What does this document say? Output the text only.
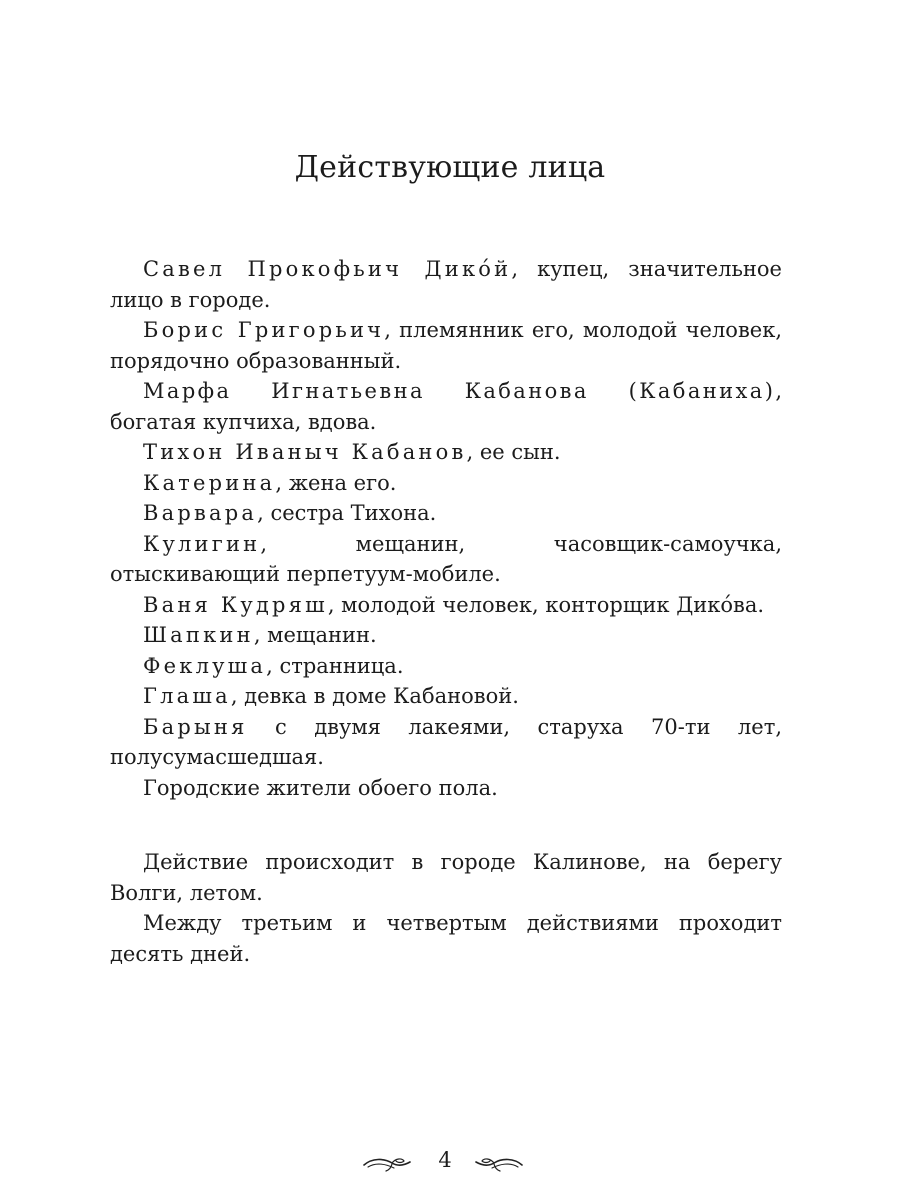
Действующие лица

Савел Прокофьич Дико́й, купец, значительное лицо в городе.

Борис Григорьич, племянник его, молодой человек, порядочно образованный.

Марфа Игнатьевна Кабанова (Кабаниха), богатая купчиха, вдова.

Тихон Иваныч Кабанов, ее сын.

Катерина, жена его.

Варвара, сестра Тихона.

Кулигин, мещанин, часовщик-самоучка, отыскивающий перпетуум-мобиле.

Ваня Кудряш, молодой человек, конторщик Дико́ва.

Шапкин, мещанин.

Феклуша, странница.

Глаша, девка в доме Кабановой.

Барыня с двумя лакеями, старуха 70-ти лет, полусумасшедшая.

Городские жители обоего пола.

Действие происходит в городе Калинове, на берегу Волги, летом.

Между третьим и четвертым действиями проходит десять дней.

4
